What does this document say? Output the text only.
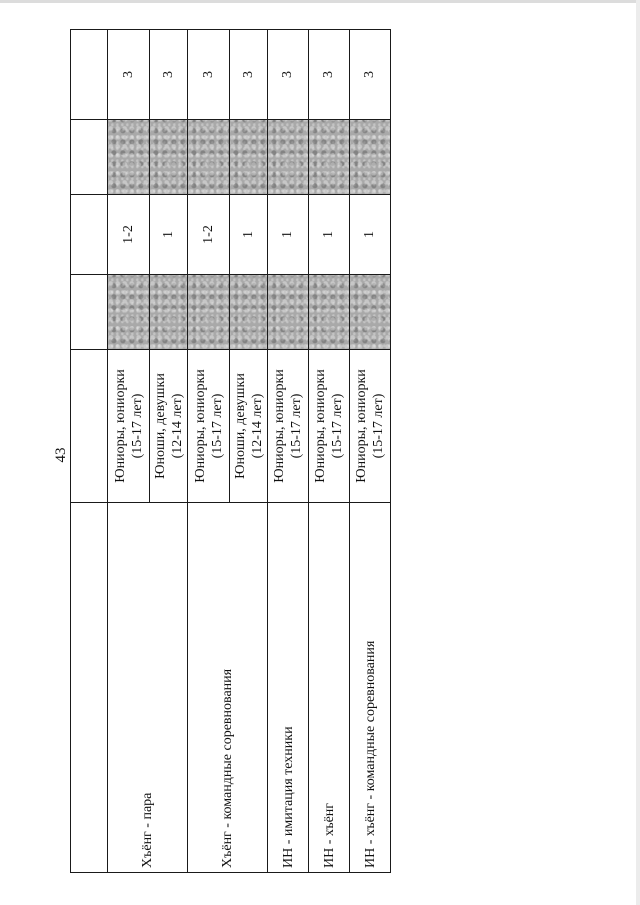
43

Хъёнг - пара	Юниоры, юниорки (15-17 лет)		1-2		3

	Юноши, девушки (12-14 лет)		1		3
Хъёнг - командные соревнования	Юниоры, юниорки (15-17 лет)		1-2		3

	Юноши, девушки (12-14 лет)		1		3
ИН - имитация техники	Юниоры, юниорки (15-17 лет)		1		3
ИН - хъёнг	Юниоры, юниорки (15-17 лет)		1		3
ИН - хъёнг - командные соревнования	Юниоры, юниорки (15-17 лет)		1		3
